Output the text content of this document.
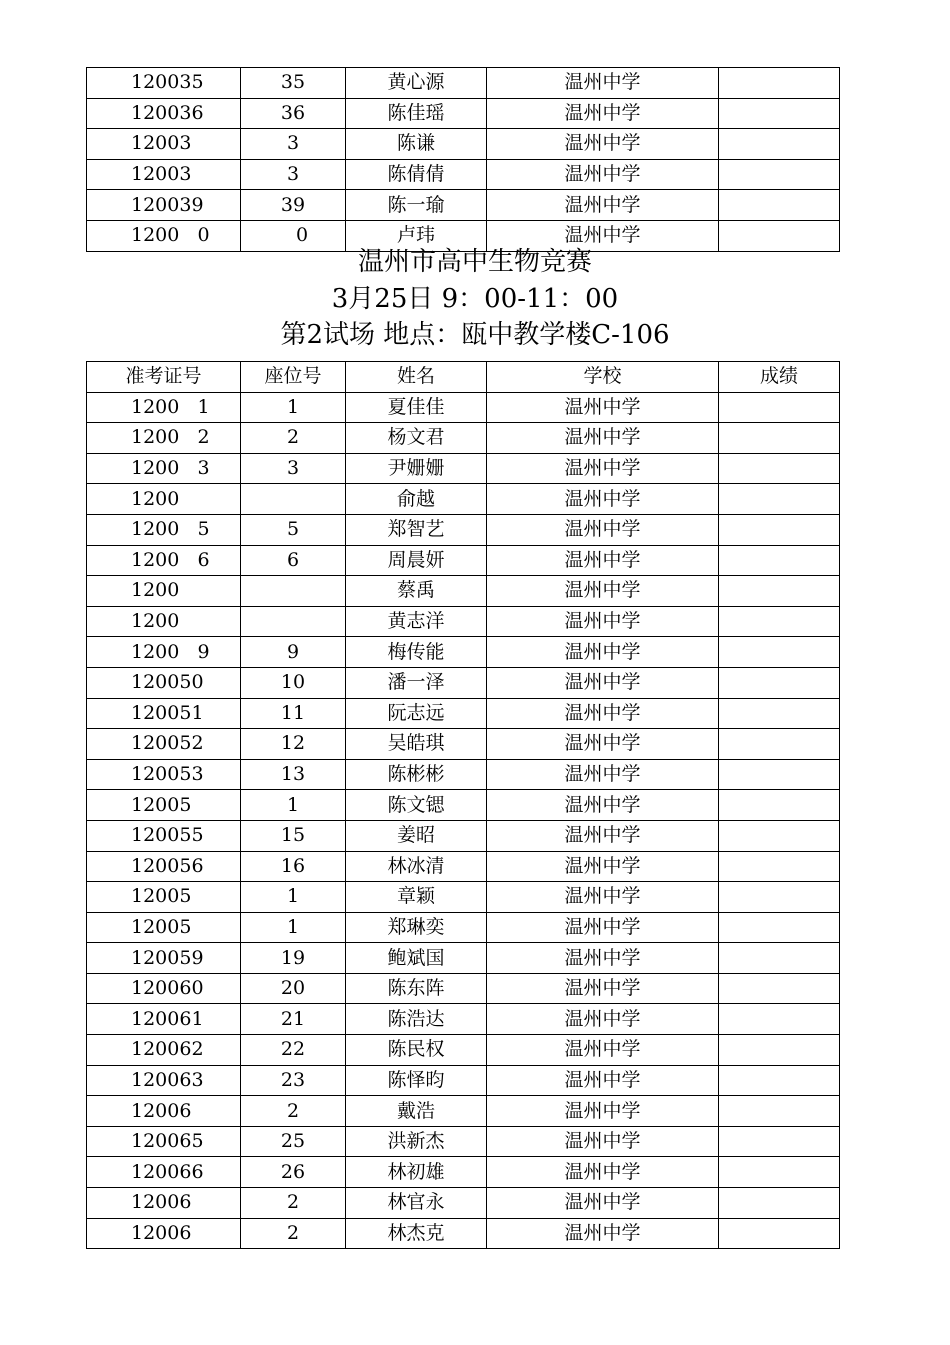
120035	35	黄心源	温州中学	
120036	36	陈佳瑶	温州中学	
12003	3	陈谦	温州中学	
12003	3	陈倩倩	温州中学	
120039	39	陈一瑜	温州中学	
1200   0	0	卢玮	温州中学	
温州市高中生物竞赛
3月25日 9：00-11：00
第2试场 地点：瓯中教学楼C-106
准考证号	座位号	姓名	学校	成绩
1200   1	1	夏佳佳	温州中学	
1200   2	2	杨文君	温州中学	
1200   3	3	尹姗姗	温州中学	
1200		俞越	温州中学	
1200   5	5	郑智艺	温州中学	
1200   6	6	周晨妍	温州中学	
1200		蔡禹	温州中学	
1200		黄志洋	温州中学	
1200   9	9	梅传能	温州中学	
120050	10	潘一泽	温州中学	
120051	11	阮志远	温州中学	
120052	12	吴皓琪	温州中学	
120053	13	陈彬彬	温州中学	
12005	1	陈文锶	温州中学	
120055	15	姜昭	温州中学	
120056	16	林冰清	温州中学	
12005	1	章颖	温州中学	
12005	1	郑琳奕	温州中学	
120059	19	鲍斌国	温州中学	
120060	20	陈东阵	温州中学	
120061	21	陈浩达	温州中学	
120062	22	陈民权	温州中学	
120063	23	陈怿昀	温州中学	
12006	2	戴浩	温州中学	
120065	25	洪新杰	温州中学	
120066	26	林初雄	温州中学	
12006	2	林官永	温州中学	
12006	2	林杰克	温州中学	
